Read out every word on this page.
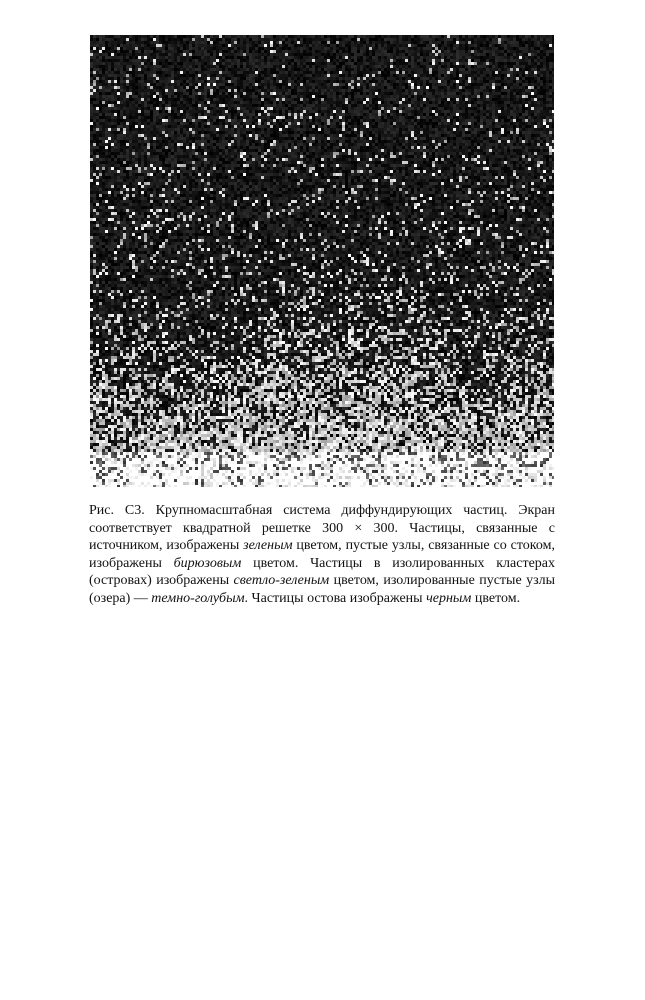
Рис. С3. Крупномасштабная система диффундирующих частиц. Экран соответствует квадратной решетке 300 × 300. Частицы, связанные с источником, изображены зеленым цветом, пустые узлы, связанные со стоком, изображены бирюзовым цветом. Частицы в изолированных кластерах (островах) изображены светло-зеленым цветом, изолированные пустые узлы (озера) — темно-голубым. Частицы остова изображены черным цветом.
